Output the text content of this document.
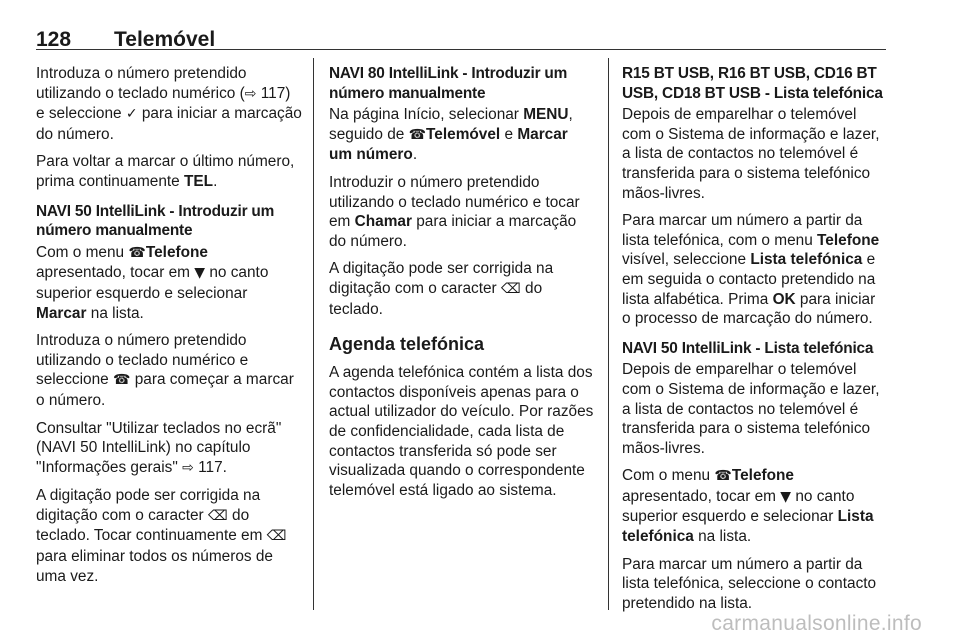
128 Telemóvel

Introduza o número pretendido utilizando o teclado numérico (⇨ 117) e seleccione ✓ para iniciar a marcação do número.

Para voltar a marcar o último número, prima continuamente TEL.

NAVI 50 IntelliLink - Introduzir um número manualmente

Com o menu ☎Telefone apresentado, tocar em ▼ no canto superior esquerdo e selecionar Marcar na lista.

Introduza o número pretendido utilizando o teclado numérico e seleccione ☎ para começar a marcar o número.

Consultar "Utilizar teclados no ecrã" (NAVI 50 IntelliLink) no capítulo "Informações gerais" ⇨ 117.

A digitação pode ser corrigida na digitação com o caracter ⌫ do teclado. Tocar continuamente em ⌫ para eliminar todos os números de uma vez.

NAVI 80 IntelliLink - Introduzir um número manualmente

Na página Início, selecionar MENU, seguido de ☎Telemóvel e Marcar um número.

Introduzir o número pretendido utilizando o teclado numérico e tocar em Chamar para iniciar a marcação do número.

A digitação pode ser corrigida na digitação com o caracter ⌫ do teclado.

Agenda telefónica

A agenda telefónica contém a lista dos contactos disponíveis apenas para o actual utilizador do veículo. Por razões de confidencialidade, cada lista de contactos transferida só pode ser visualizada quando o correspondente telemóvel está ligado ao sistema.

R15 BT USB, R16 BT USB, CD16 BT USB, CD18 BT USB - Lista telefónica

Depois de emparelhar o telemóvel com o Sistema de informação e lazer, a lista de contactos no telemóvel é transferida para o sistema telefónico mãos-livres.

Para marcar um número a partir da lista telefónica, com o menu Telefone visível, seleccione Lista telefónica e em seguida o contacto pretendido na lista alfabética. Prima OK para iniciar o processo de marcação do número.

NAVI 50 IntelliLink - Lista telefónica

Depois de emparelhar o telemóvel com o Sistema de informação e lazer, a lista de contactos no telemóvel é transferida para o sistema telefónico mãos-livres.

Com o menu ☎Telefone apresentado, tocar em ▼ no canto superior esquerdo e selecionar Lista telefónica na lista.

Para marcar um número a partir da lista telefónica, seleccione o contacto pretendido na lista.

carmanualsonline.info
